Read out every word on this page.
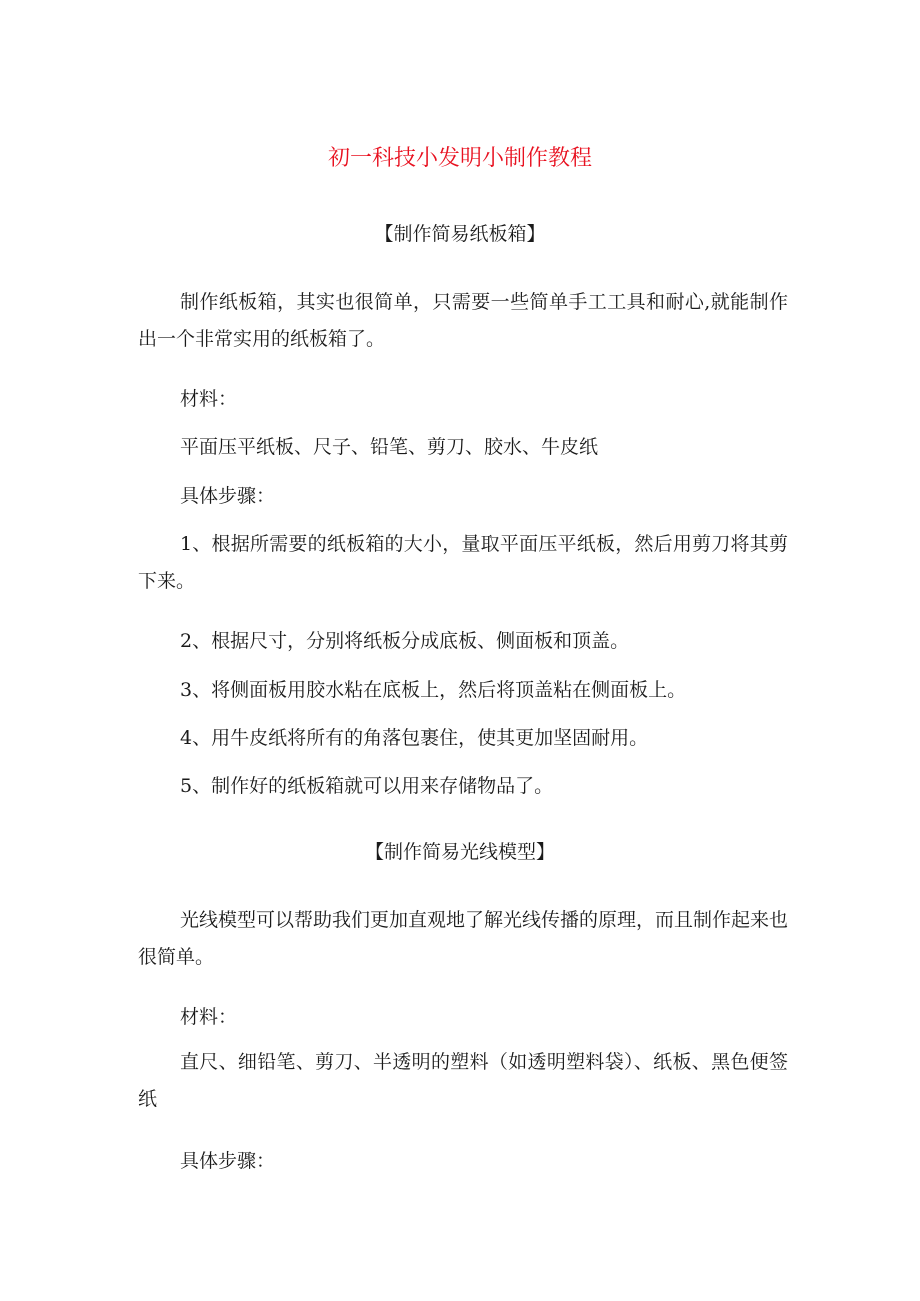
初一科技小发明小制作教程
【制作简易纸板箱】

制作纸板箱，其实也很简单，只需要一些简单手工工具和耐心,就能制作出一个非常实用的纸板箱了。

材料：

平面压平纸板、尺子、铅笔、剪刀、胶水、牛皮纸

具体步骤：

1、根据所需要的纸板箱的大小，量取平面压平纸板，然后用剪刀将其剪下来。

2、根据尺寸，分别将纸板分成底板、侧面板和顶盖。

3、将侧面板用胶水粘在底板上，然后将顶盖粘在侧面板上。

4、用牛皮纸将所有的角落包裹住，使其更加坚固耐用。

5、制作好的纸板箱就可以用来存储物品了。

【制作简易光线模型】

光线模型可以帮助我们更加直观地了解光线传播的原理，而且制作起来也很简单。

材料：

直尺、细铅笔、剪刀、半透明的塑料（如透明塑料袋）、纸板、黑色便签纸

具体步骤：
